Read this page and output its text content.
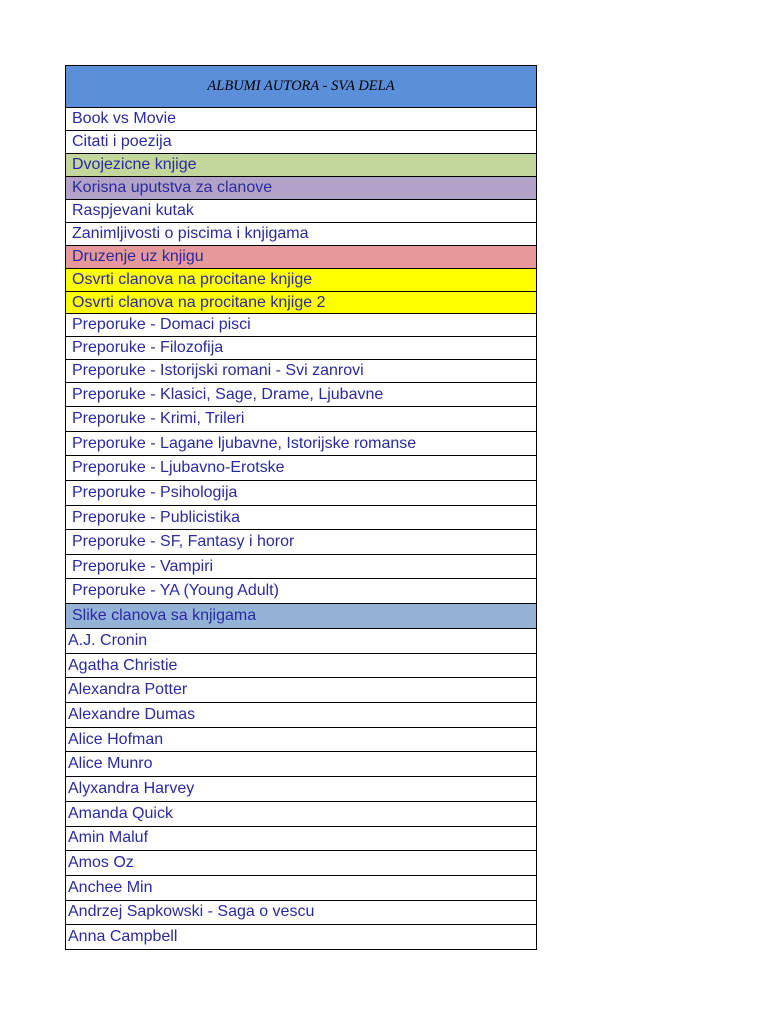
ALBUMI AUTORA - SVA DELA
Book vs Movie
Citati i poezija
Dvojezicne knjige
Korisna uputstva za clanove
Raspjevani kutak
Zanimljivosti o piscima i knjigama
Druzenje uz knjigu
Osvrti clanova na procitane knjige
Osvrti clanova na procitane knjige 2
Preporuke - Domaci pisci
Preporuke - Filozofija
Preporuke - Istorijski romani - Svi zanrovi
Preporuke - Klasici, Sage, Drame, Ljubavne
Preporuke - Krimi, Trileri
Preporuke - Lagane ljubavne, Istorijske romanse
Preporuke - Ljubavno-Erotske
Preporuke - Psihologija
Preporuke - Publicistika
Preporuke - SF, Fantasy i horor
Preporuke - Vampiri
Preporuke - YA (Young Adult)
Slike clanova sa knjigama
A.J. Cronin
Agatha Christie
Alexandra Potter
Alexandre Dumas
Alice Hofman
Alice Munro
Alyxandra Harvey
Amanda Quick
Amin Maluf
Amos Oz
Anchee Min
Andrzej Sapkowski - Saga o vescu
Anna Campbell
